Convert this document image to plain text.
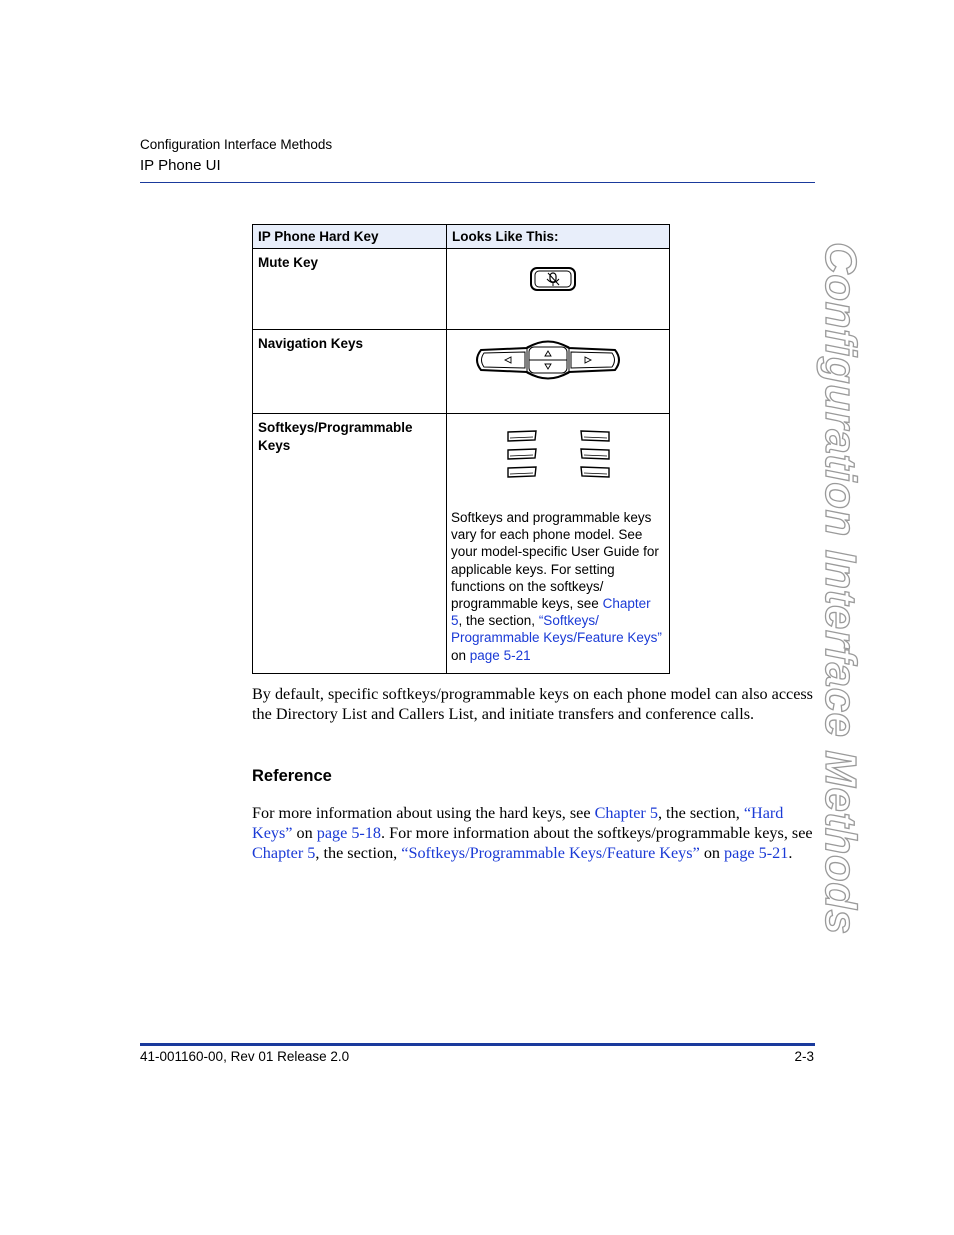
Configuration Interface Methods
IP Phone UI
Configuration Interface Methods
IP Phone Hard Key	Looks Like This:
Mute Key	

Navigation Keys	

Softkeys/Programmable Keys	Softkeys and programmable keys vary for each phone model. See your model-specific User Guide for applicable keys. For setting functions on the softkeys/ programmable keys, see Chapter 5, the section, “Softkeys/ Programmable Keys/Feature Keys” on page 5-21
By default, specific softkeys/programmable keys on each phone model can also access the Directory List and Callers List, and initiate transfers and conference calls.
Reference
For more information about using the hard keys, see Chapter 5, the section, “Hard Keys” on page 5-18. For more information about the softkeys/programmable keys, see Chapter 5, the section, “Softkeys/Programmable Keys/Feature Keys” on page 5-21.
41-001160-00, Rev 01 Release 2.0	2-3
